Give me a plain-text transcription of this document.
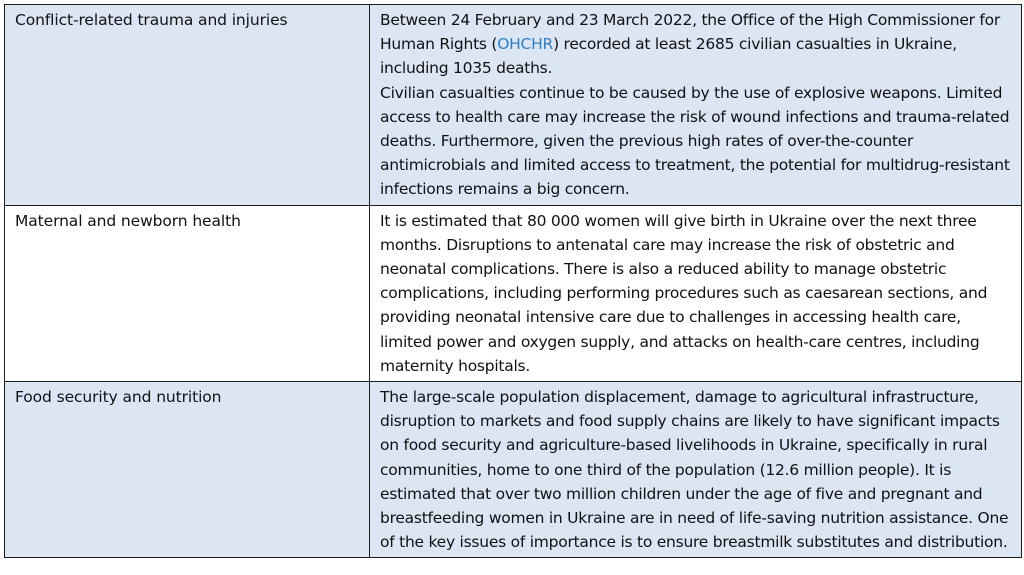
Conflict-related trauma and injuries	Between 24 February and 23 March 2022, the Office of the High Commissioner for Human Rights (OHCHR) recorded at least 2685 civilian casualties in Ukraine, including 1035 deaths.
Civilian casualties continue to be caused by the use of explosive weapons. Limited access to health care may increase the risk of wound infections and trauma-related deaths. Furthermore, given the previous high rates of over-the-counter antimicrobials and limited access to treatment, the potential for multidrug-resistant infections remains a big concern.

Maternal and newborn health	It is estimated that 80 000 women will give birth in Ukraine over the next three months. Disruptions to antenatal care may increase the risk of obstetric and neonatal complications. There is also a reduced ability to manage obstetric complications, including performing procedures such as caesarean sections, and providing neonatal intensive care due to challenges in accessing health care, limited power and oxygen supply, and attacks on health-care centres, including maternity hospitals.
Food security and nutrition	The large-scale population displacement, damage to agricultural infrastructure, disruption to markets and food supply chains are likely to have significant impacts on food security and agriculture-based livelihoods in Ukraine, specifically in rural communities, home to one third of the population (12.6 million people). It is estimated that over two million children under the age of five and pregnant and breastfeeding women in Ukraine are in need of life-saving nutrition assistance. One of the key issues of importance is to ensure breastmilk substitutes and distribution.
